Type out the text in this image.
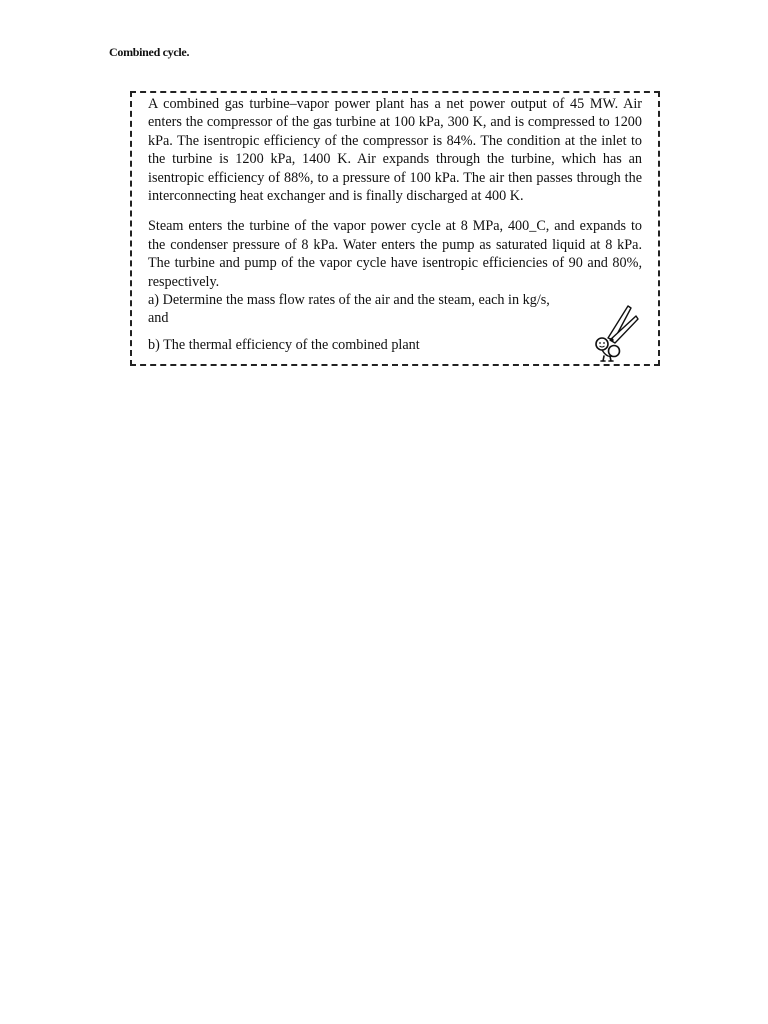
Combined cycle.

A combined gas turbine–vapor power plant has a net power output of 45 MW. Air enters the compressor of the gas turbine at 100 kPa, 300 K, and is compressed to 1200 kPa. The isentropic efficiency of the compressor is 84%. The condition at the inlet to the turbine is 1200 kPa, 1400 K. Air expands through the turbine, which has an isentropic efficiency of 88%, to a pressure of 100 kPa. The air then passes through the interconnecting heat exchanger and is finally discharged at 400 K.

Steam enters the turbine of the vapor power cycle at 8 MPa, 400_C, and expands to the condenser pressure of 8 kPa. Water enters the pump as saturated liquid at 8 kPa. The turbine and pump of the vapor cycle have isentropic efficiencies of 90 and 80%, respectively.

a) Determine the mass flow rates of the air and the steam, each in kg/s,

and

b) The thermal efficiency of the combined plant
